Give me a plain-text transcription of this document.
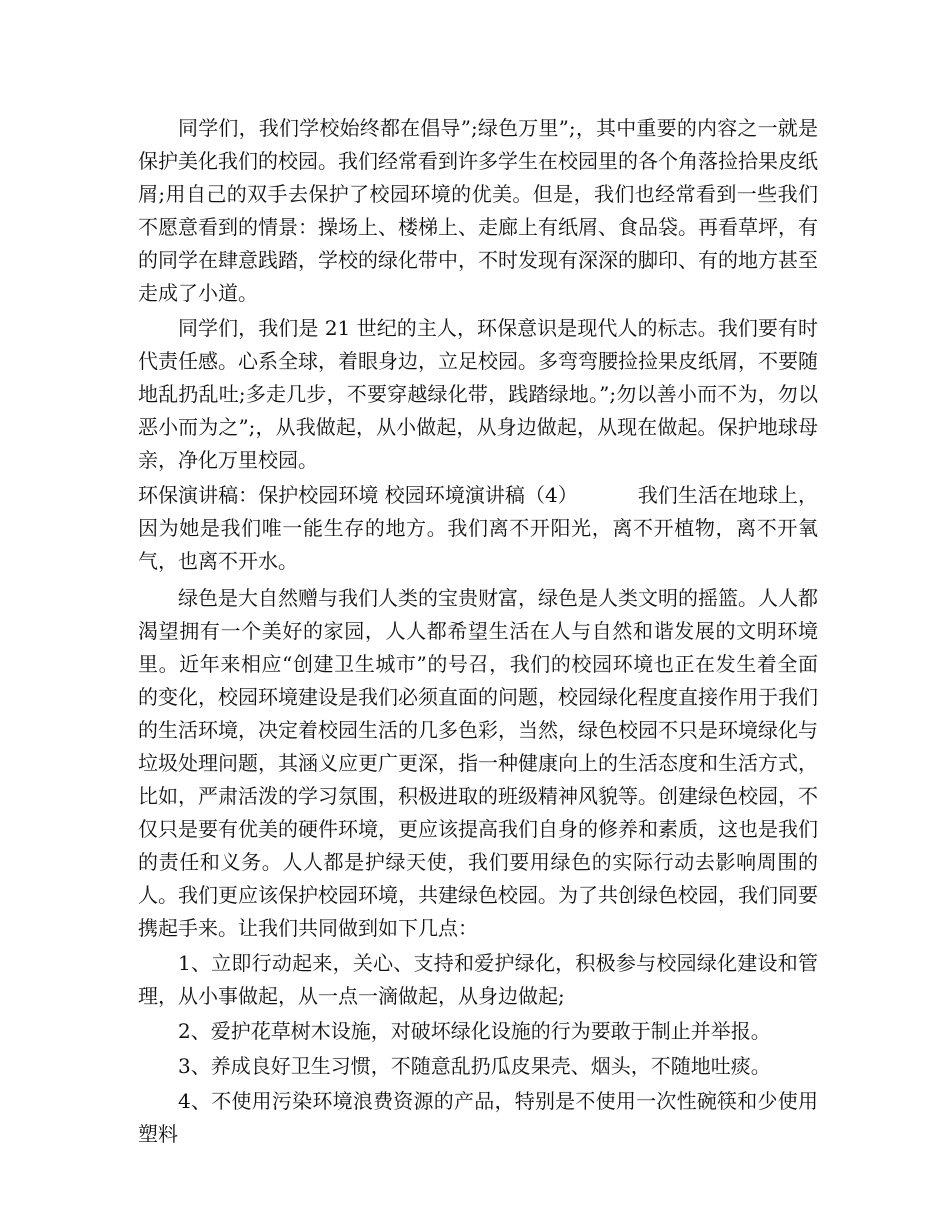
同学们，我们学校始终都在倡导”;绿色万里”;，其中重要的内容之一就是保护美化我们的校园。我们经常看到许多学生在校园里的各个角落捡拾果皮纸屑;用自己的双手去保护了校园环境的优美。但是，我们也经常看到一些我们不愿意看到的情景：操场上、楼梯上、走廊上有纸屑、食品袋。再看草坪，有的同学在肆意践踏，学校的绿化带中，不时发现有深深的脚印、有的地方甚至走成了小道。

同学们，我们是 21 世纪的主人，环保意识是现代人的标志。我们要有时代责任感。心系全球，着眼身边，立足校园。多弯弯腰捡捡果皮纸屑，不要随地乱扔乱吐;多走几步，不要穿越绿化带，践踏绿地。”;勿以善小而不为，勿以恶小而为之”;，从我做起，从小做起，从身边做起，从现在做起。保护地球母亲，净化万里校园。

环保演讲稿：保护校园环境 校园环境演讲稿（4）	我们生活在地球上，因为她是我们唯一能生存的地方。我们离不开阳光，离不开植物，离不开氧气，也离不开水。

绿色是大自然赠与我们人类的宝贵财富，绿色是人类文明的摇篮。人人都渴望拥有一个美好的家园，人人都希望生活在人与自然和谐发展的文明环境里。近年来相应“创建卫生城市”的号召，我们的校园环境也正在发生着全面的变化，校园环境建设是我们必须直面的问题，校园绿化程度直接作用于我们的生活环境，决定着校园生活的几多色彩，当然，绿色校园不只是环境绿化与垃圾处理问题，其涵义应更广更深，指一种健康向上的生活态度和生活方式，比如，严肃活泼的学习氛围，积极进取的班级精神风貌等。创建绿色校园，不仅只是要有优美的硬件环境，更应该提高我们自身的修养和素质，这也是我们的责任和义务。人人都是护绿天使，我们要用绿色的实际行动去影响周围的人。我们更应该保护校园环境，共建绿色校园。为了共创绿色校园，我们同要携起手来。让我们共同做到如下几点：

1、立即行动起来，关心、支持和爱护绿化，积极参与校园绿化建设和管理，从小事做起，从一点一滴做起，从身边做起;

2、爱护花草树木设施，对破坏绿化设施的行为要敢于制止并举报。

3、养成良好卫生习惯，不随意乱扔瓜皮果壳、烟头，不随地吐痰。

4、不使用污染环境浪费资源的产品，特别是不使用一次性碗筷和少使用塑料
